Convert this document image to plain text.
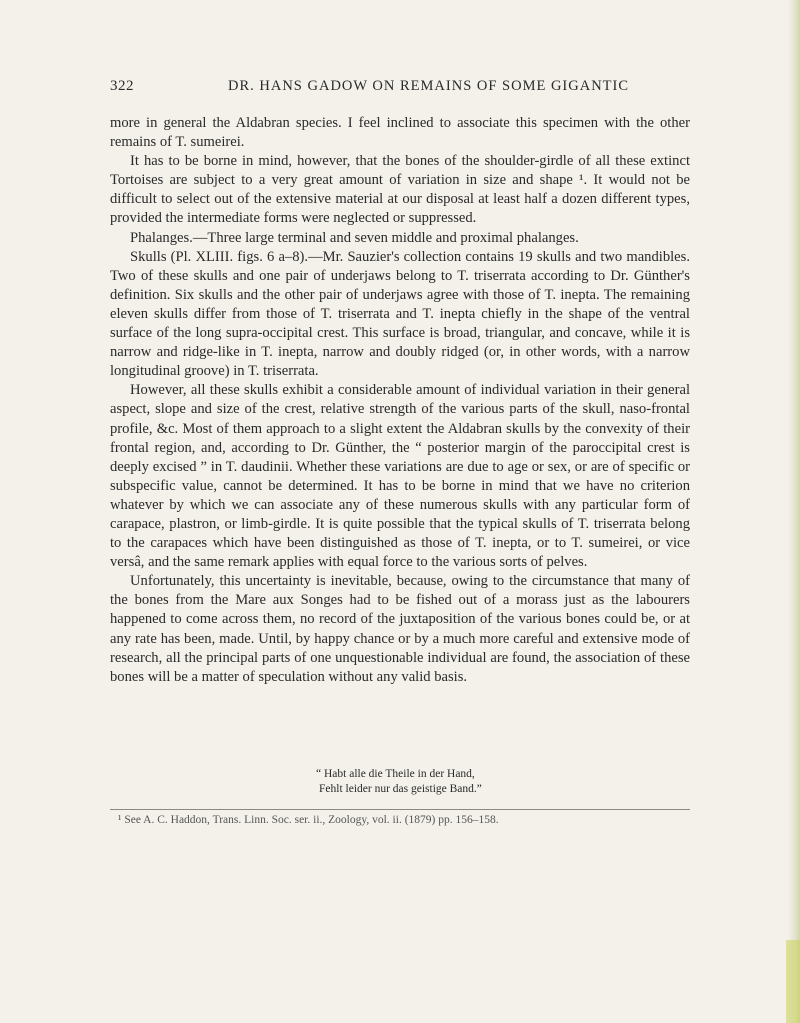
322	DR. HANS GADOW ON REMAINS OF SOME GIGANTIC

more in general the Aldabran species. I feel inclined to associate this specimen with the other remains of T. sumeirei.

It has to be borne in mind, however, that the bones of the shoulder-girdle of all these extinct Tortoises are subject to a very great amount of variation in size and shape ¹. It would not be difficult to select out of the extensive material at our disposal at least half a dozen different types, provided the intermediate forms were neglected or suppressed.

Phalanges.—Three large terminal and seven middle and proximal phalanges.

Skulls (Pl. XLIII. figs. 6 a–8).—Mr. Sauzier's collection contains 19 skulls and two mandibles. Two of these skulls and one pair of underjaws belong to T. triserrata according to Dr. Günther's definition. Six skulls and the other pair of underjaws agree with those of T. inepta. The remaining eleven skulls differ from those of T. triserrata and T. inepta chiefly in the shape of the ventral surface of the long supra-occipital crest. This surface is broad, triangular, and concave, while it is narrow and ridge-like in T. inepta, narrow and doubly ridged (or, in other words, with a narrow longitudinal groove) in T. triserrata.

However, all these skulls exhibit a considerable amount of individual variation in their general aspect, slope and size of the crest, relative strength of the various parts of the skull, naso-frontal profile, &c. Most of them approach to a slight extent the Aldabran skulls by the convexity of their frontal region, and, according to Dr. Günther, the “ posterior margin of the paroccipital crest is deeply excised ” in T. daudinii. Whether these variations are due to age or sex, or are of specific or subspecific value, cannot be determined. It has to be borne in mind that we have no criterion whatever by which we can associate any of these numerous skulls with any particular form of carapace, plastron, or limb-girdle. It is quite possible that the typical skulls of T. triserrata belong to the carapaces which have been distinguished as those of T. inepta, or to T. sumeirei, or vice versâ, and the same remark applies with equal force to the various sorts of pelves.

Unfortunately, this uncertainty is inevitable, because, owing to the circumstance that many of the bones from the Mare aux Songes had to be fished out of a morass just as the labourers happened to come across them, no record of the juxtaposition of the various bones could be, or at any rate has been, made. Until, by happy chance or by a much more careful and extensive mode of research, all the principal parts of one unquestionable individual are found, the association of these bones will be a matter of speculation without any valid basis.

“ Habt alle die Theile in der Hand,
Fehlt leider nur das geistige Band.”
¹ See A. C. Haddon, Trans. Linn. Soc. ser. ii., Zoology, vol. ii. (1879) pp. 156–158.
